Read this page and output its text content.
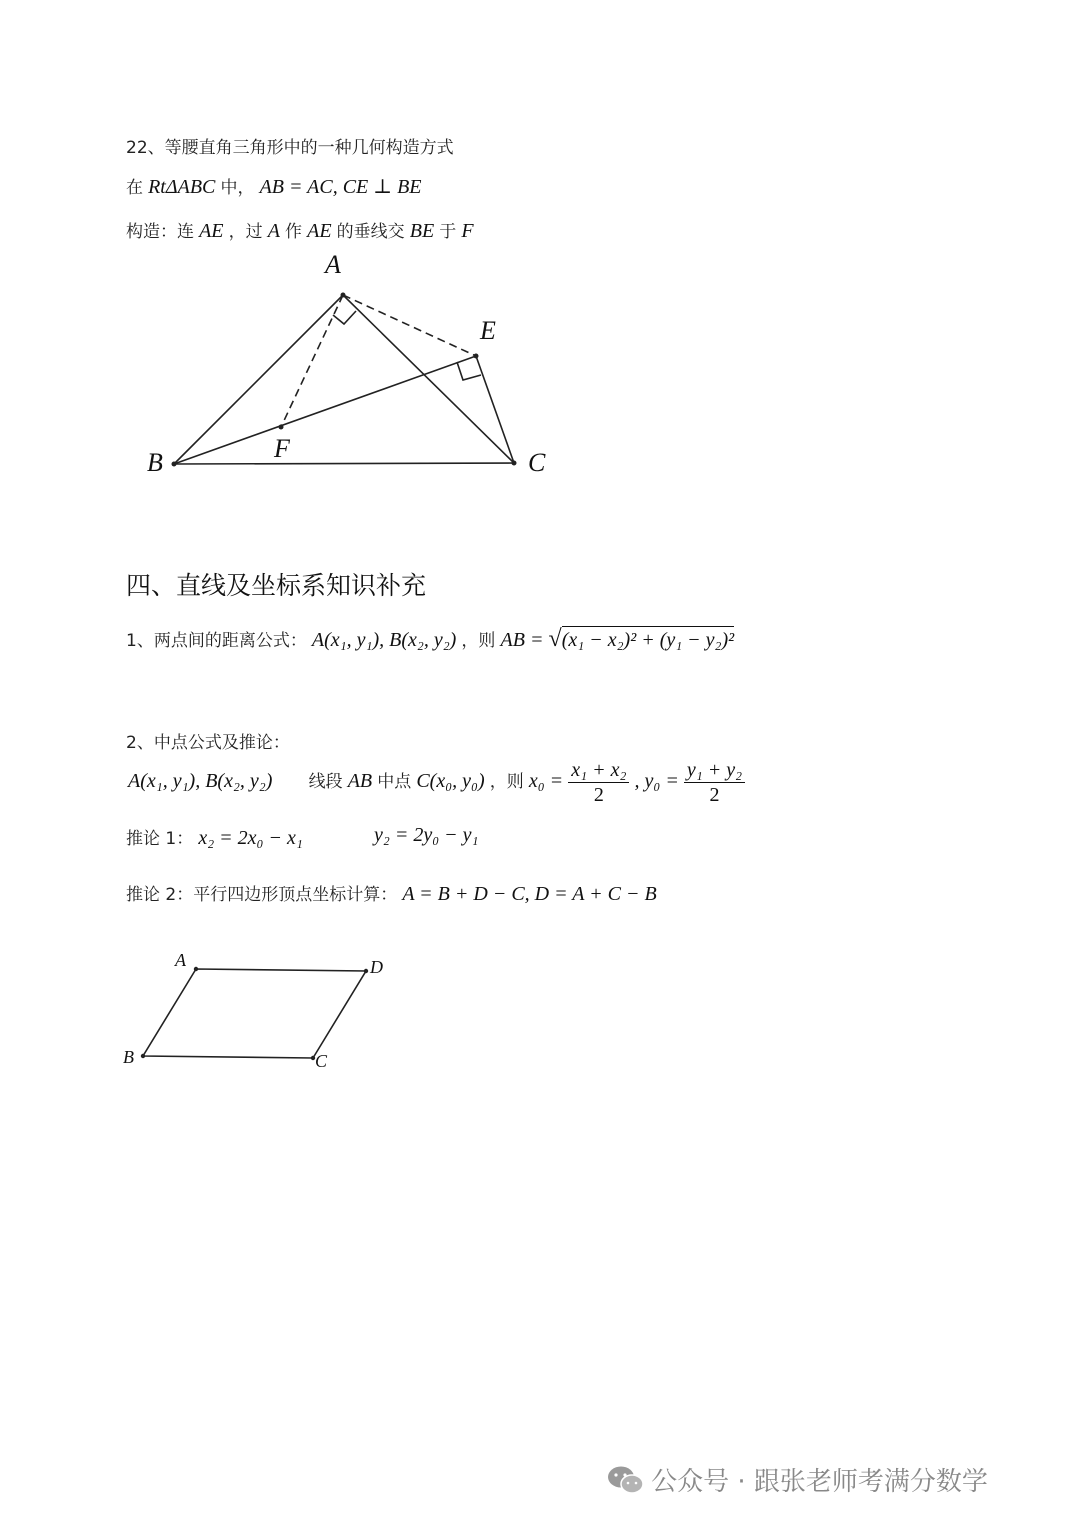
22、等腰直角三角形中的一种几何构造方式
在 RtΔABC 中， AB = AC, CE ⊥ BE
构造：连 AE ，过 A 作 AE 的垂线交 BE 于 F
A
E
B	F	C
四、直线及坐标系知识补充
1、两点间的距离公式： A(x₁, y₁), B(x₂, y₂) ，则 AB = √(x₁ − x₂)² + (y₁ − y₂)²
2、中点公式及推论：
A(x₁, y₁), B(x₂, y₂) 线段 AB 中点 C(x₀, y₀) ，则 $x_0 = \frac{\text{x₁ + x₂}}{2}$ , $y_0 = \frac{\text{y₁ + y₂}}{2}$
推论 1： x₂ = 2x₀ − x₁	y₂ = 2y₀ − y₁
推论 2：平行四边形顶点坐标计算： A = B + D − C, D = A + C − B
A	D
B	C
公众号 · 跟张老师考满分数学
